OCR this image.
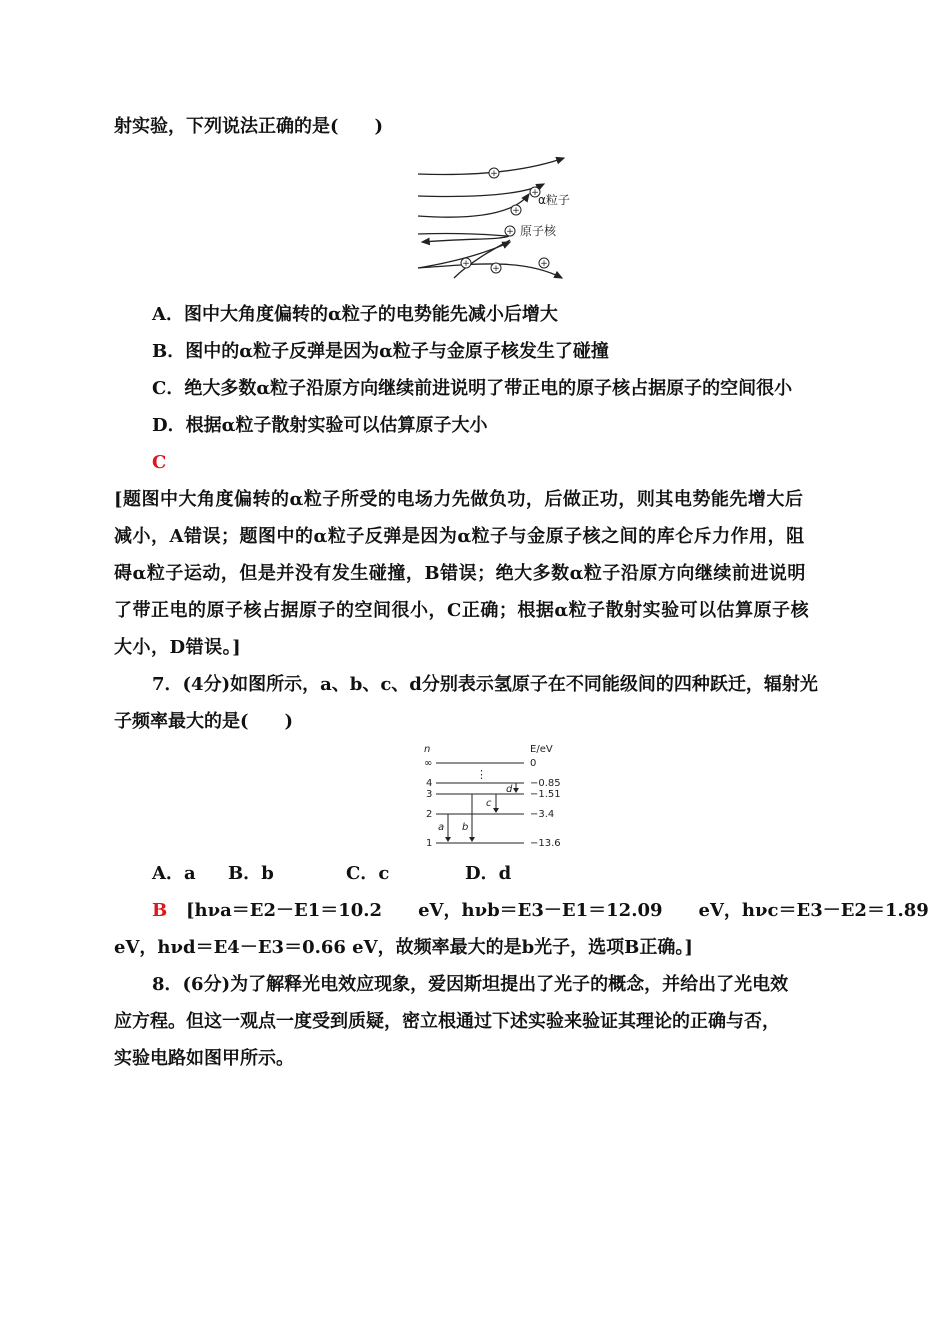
射实验，下列说法正确的是(　　)
+
+
+
+
+ +	+
α粒子
原子核
A．图中大角度偏转的α粒子的电势能先减小后增大
B．图中的α粒子反弹是因为α粒子与金原子核发生了碰撞
C．绝大多数α粒子沿原方向继续前进说明了带正电的原子核占据原子的空间很小
D．根据α粒子散射实验可以估算原子大小
C
[题图中大角度偏转的α粒子所受的电场力先做负功，后做正功，则其电势能先增大后
减小，A错误；题图中的α粒子反弹是因为α粒子与金原子核之间的库仑斥力作用，阻
碍α粒子运动，但是并没有发生碰撞，B错误；绝大多数α粒子沿原方向继续前进说明
了带正电的原子核占据原子的空间很小，C正确；根据α粒子散射实验可以估算原子核
大小，D错误。]
7．(4分)如图所示，a、b、c、d分别表示氢原子在不同能级间的四种跃迁，辐射光
子频率最大的是(　　)
n	E/eV
∞	0
4	−0.85
3	−1.51
2	−3.4
1	−13.6
⋮
a b
c
d
A．a B．b	C．c	D．d
B [hνa＝E2－E1＝10.2　　eV，hνb＝E3－E1＝12.09　　eV，hνc＝E3－E2＝1.89
eV，hνd＝E4－E3＝0.66 eV，故频率最大的是b光子，选项B正确。]
8．(6分)为了解释光电效应现象，爱因斯坦提出了光子的概念，并给出了光电效
应方程。但这一观点一度受到质疑，密立根通过下述实验来验证其理论的正确与否，
实验电路如图甲所示。
